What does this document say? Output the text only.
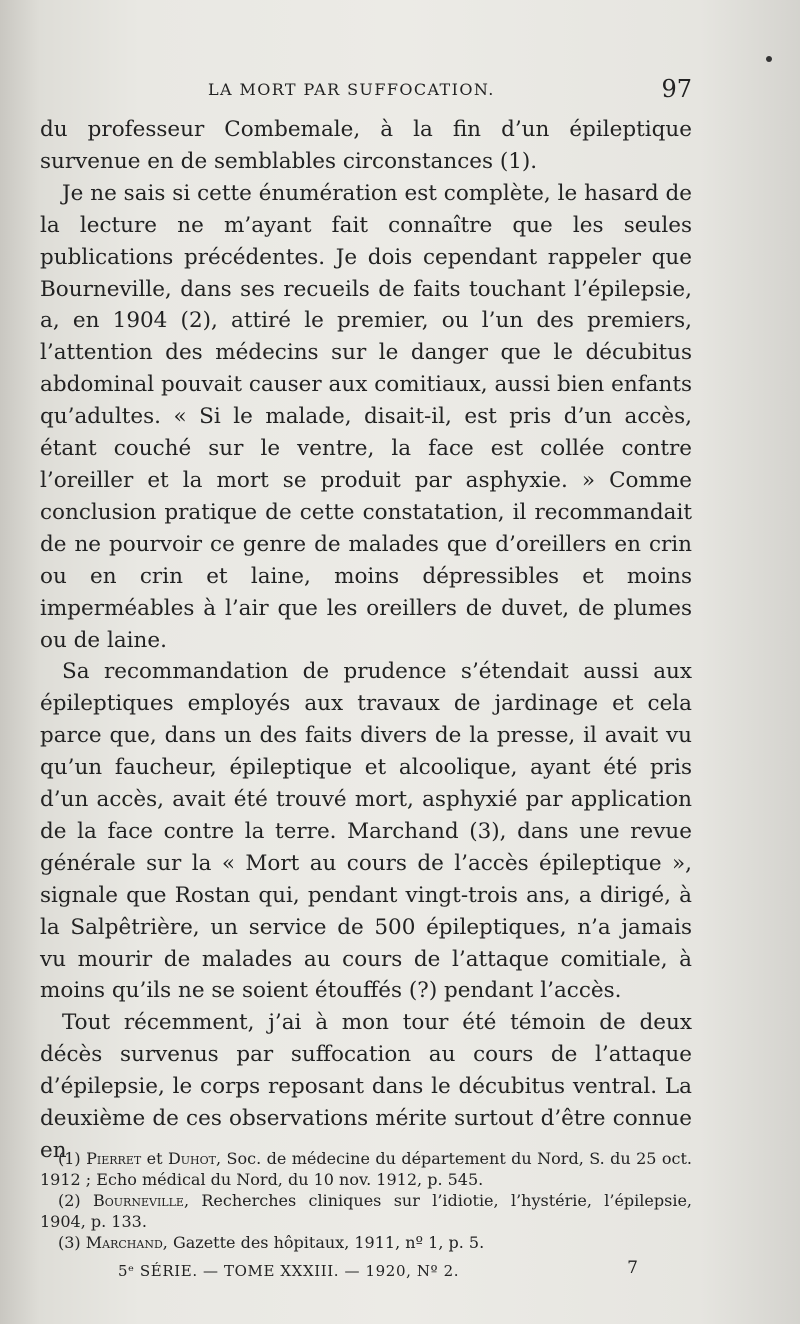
LA MORT PAR SUFFOCATION.	97

du professeur Combemale, à la fin d’un épileptique survenue en de semblables circonstances (1).

Je ne sais si cette énumération est complète, le hasard de la lecture ne m’ayant fait connaître que les seules publications précédentes. Je dois cependant rappeler que Bourneville, dans ses recueils de faits touchant l’épilepsie, a, en 1904 (2), attiré le premier, ou l’un des premiers, l’attention des médecins sur le danger que le décubitus abdominal pouvait causer aux comitiaux, aussi bien enfants qu’adultes. « Si le malade, disait-il, est pris d’un accès, étant couché sur le ventre, la face est collée contre l’oreiller et la mort se produit par asphyxie. » Comme conclusion pratique de cette constatation, il recommandait de ne pourvoir ce genre de malades que d’oreillers en crin ou en crin et laine, moins dépressibles et moins imperméables à l’air que les oreillers de duvet, de plumes ou de laine.

Sa recommandation de prudence s’étendait aussi aux épileptiques employés aux travaux de jardinage et cela parce que, dans un des faits divers de la presse, il avait vu qu’un faucheur, épileptique et alcoolique, ayant été pris d’un accès, avait été trouvé mort, asphyxié par application de la face contre la terre. Marchand (3), dans une revue générale sur la « Mort au cours de l’accès épileptique », signale que Rostan qui, pendant vingt-trois ans, a dirigé, à la Salpêtrière, un service de 500 épileptiques, n’a jamais vu mourir de malades au cours de l’attaque comitiale, à moins qu’ils ne se soient étouffés (?) pendant l’accès.

Tout récemment, j’ai à mon tour été témoin de deux décès survenus par suffocation au cours de l’attaque d’épilepsie, le corps reposant dans le décubitus ventral. La deuxième de ces observations mérite surtout d’être connue en

(1) Pierret et Duhot, Soc. de médecine du département du Nord, S. du 25 oct. 1912 ; Echo médical du Nord, du 10 nov. 1912, p. 545.

(2) Bourneville, Recherches cliniques sur l’idiotie, l’hystérie, l’épilepsie, 1904, p. 133.

(3) Marchand, Gazette des hôpitaux, 1911, nº 1, p. 5.

5ᵉ SÉRIE. — TOME XXXIII. — 1920, Nº 2.	7
